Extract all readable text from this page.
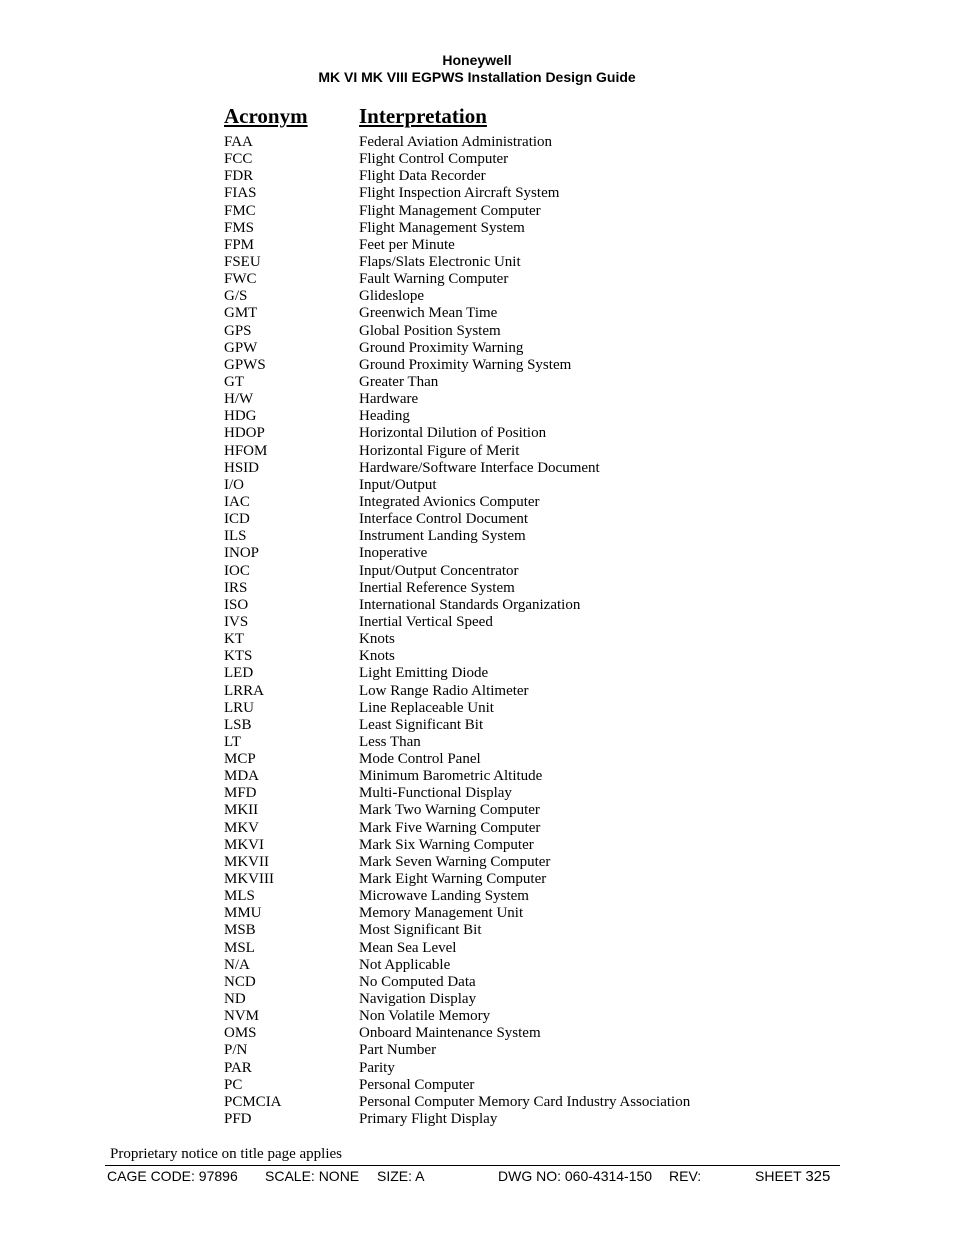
Honeywell
MK VI MK VIII EGPWS Installation Design Guide
Acronym Interpretation
FAA	Federal Aviation Administration
FCC	Flight Control Computer
FDR	Flight Data Recorder
FIAS	Flight Inspection Aircraft System
FMC	Flight Management Computer
FMS	Flight Management System
FPM	Feet per Minute
FSEU	Flaps/Slats Electronic Unit
FWC	Fault Warning Computer
G/S	Glideslope
GMT	Greenwich Mean Time
GPS	Global Position System
GPW	Ground Proximity Warning
GPWS	Ground Proximity Warning System
GT	Greater Than
H/W	Hardware
HDG	Heading
HDOP	Horizontal Dilution of Position
HFOM	Horizontal Figure of Merit
HSID	Hardware/Software Interface Document
I/O	Input/Output
IAC	Integrated Avionics Computer
ICD	Interface Control Document
ILS	Instrument Landing System
INOP	Inoperative
IOC	Input/Output Concentrator
IRS	Inertial Reference System
ISO	International Standards Organization
IVS	Inertial Vertical Speed
KT	Knots
KTS	Knots
LED	Light Emitting Diode
LRRA	Low Range Radio Altimeter
LRU	Line Replaceable Unit
LSB	Least Significant Bit
LT	Less Than
MCP	Mode Control Panel
MDA	Minimum Barometric Altitude
MFD	Multi-Functional Display
MKII	Mark Two Warning Computer
MKV	Mark Five Warning Computer
MKVI	Mark Six Warning Computer
MKVII	Mark Seven Warning Computer
MKVIII	Mark Eight Warning Computer
MLS	Microwave Landing System
MMU	Memory Management Unit
MSB	Most Significant Bit
MSL	Mean Sea Level
N/A	Not Applicable
NCD	No Computed Data
ND	Navigation Display
NVM	Non Volatile Memory
OMS	Onboard Maintenance System
P/N	Part Number
PAR	Parity
PC	Personal Computer
PCMCIA	Personal Computer Memory Card Industry Association
PFD	Primary Flight Display
Proprietary notice on title page applies
CAGE CODE: 97896 SCALE: NONE SIZE: A	DWG NO: 060-4314-150 REV:	SHEET 325
